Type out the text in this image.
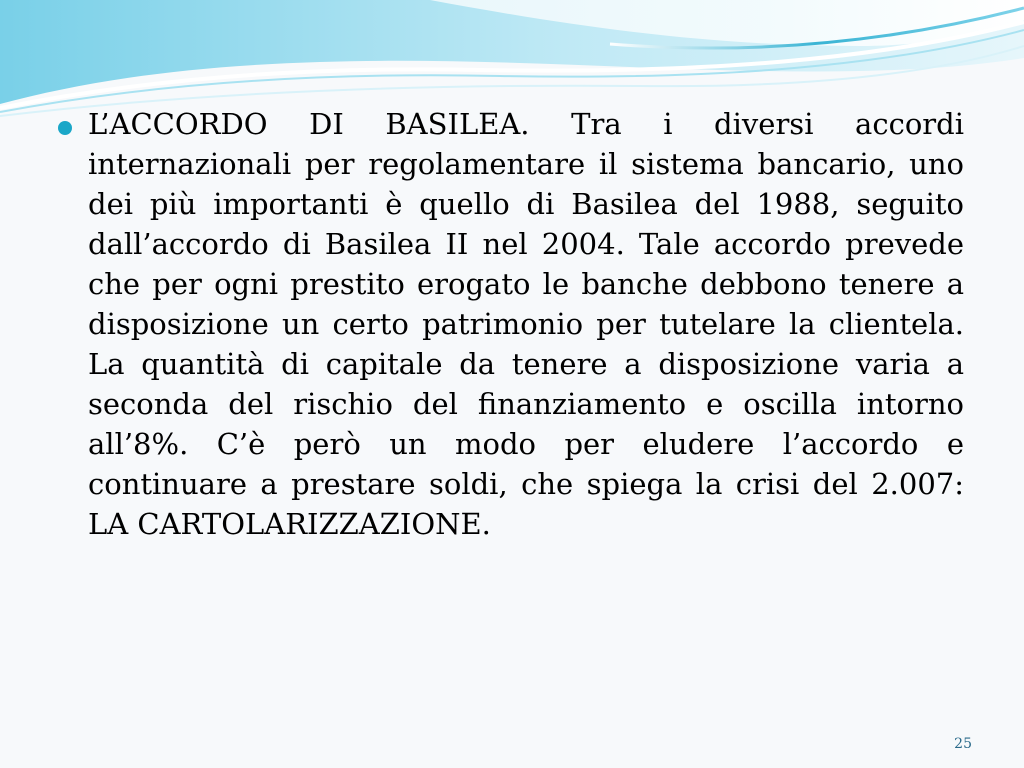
L’ACCORDO DI BASILEA. Tra i diversi accordi internazionali per regolamentare il sistema bancario, uno dei più importanti è quello di Basilea del 1988, seguito dall’accordo di Basilea II nel 2004. Tale accordo prevede che per ogni prestito erogato le banche debbono tenere a disposizione un certo patrimonio per tutelare la clientela. La quantità di capitale da tenere a disposizione varia a seconda del rischio del finanziamento e oscilla intorno all’8%. C’è però un modo per eludere l’accordo e continuare a prestare soldi, che spiega la crisi del 2.007: LA CARTOLARIZZAZIONE.

25
